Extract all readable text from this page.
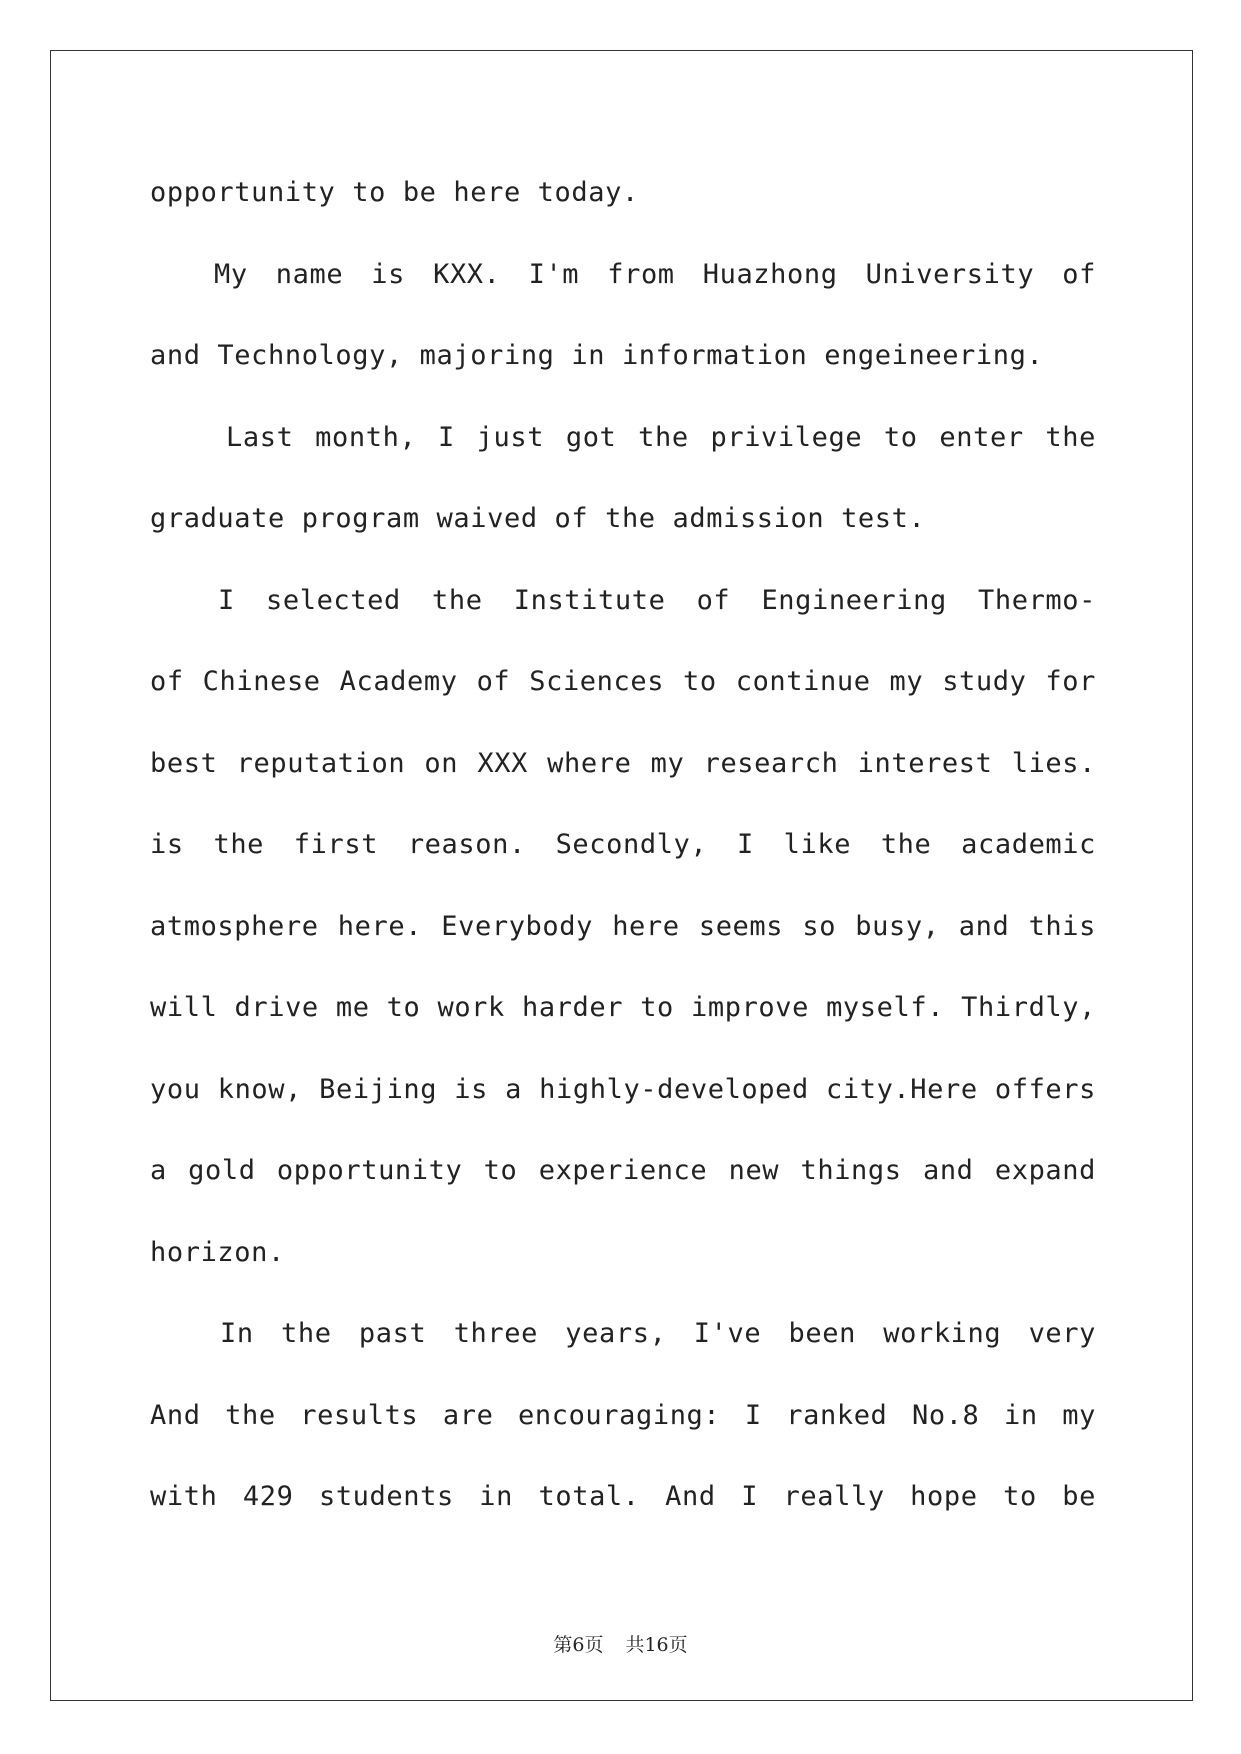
opportunity to be here today.
My name is KXX. I'm from Huazhong University of
and Technology, majoring in information engeineering.
Last month, I just got the privilege to enter the
graduate program waived of the admission test.
I selected the Institute of Engineering Thermo-
of Chinese Academy of Sciences to continue my study for
best reputation on XXX where my research interest lies.
is the first reason. Secondly, I like the academic
atmosphere here. Everybody here seems so busy, and this
will drive me to work harder to improve myself. Thirdly,
you know, Beijing is a highly-developed city.Here offers
a gold opportunity to experience new things and expand
horizon.
In the past three years, I've been working very
And the results are encouraging: I ranked No.8 in my
with 429 students in total. And I really hope to be
第6页 共16页
